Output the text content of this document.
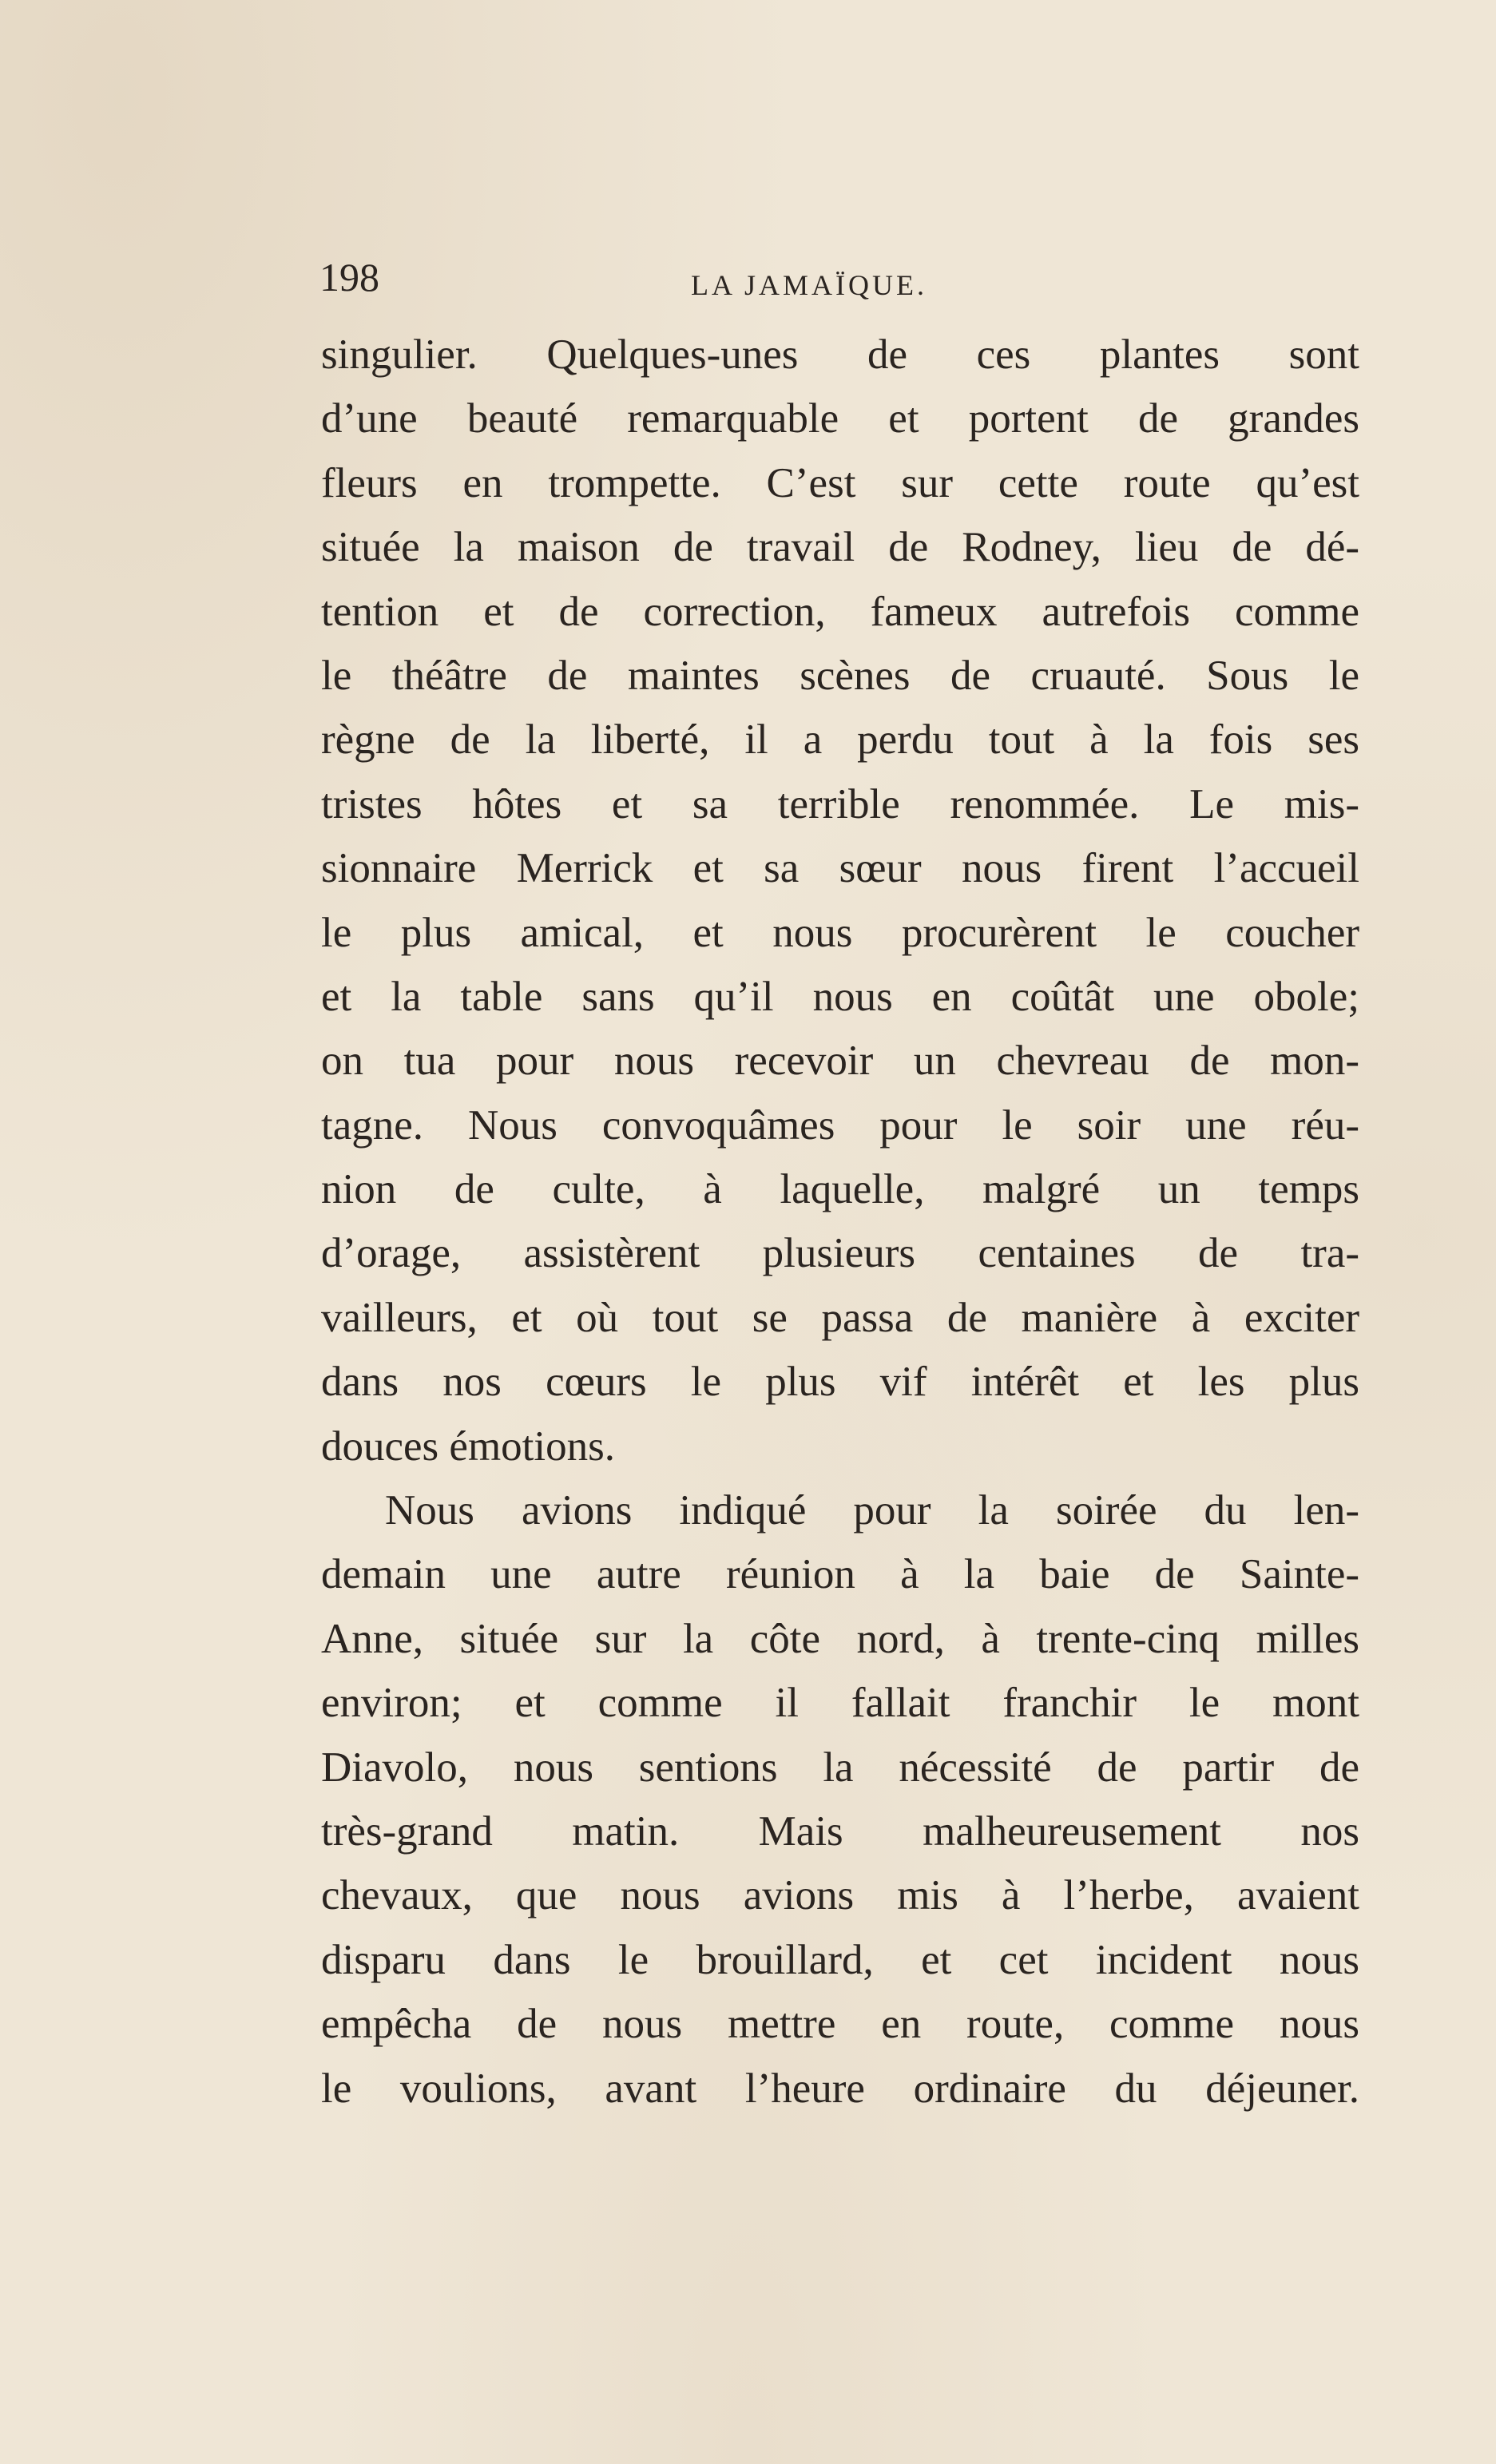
198	LA JAMAÏQUE.
singulier. Quelques-unes de ces plantes sont
d’une beauté remarquable et portent de grandes
fleurs en trompette. C’est sur cette route qu’est
située la maison de travail de Rodney, lieu de dé-
tention et de correction, fameux autrefois comme
le théâtre de maintes scènes de cruauté. Sous le
règne de la liberté, il a perdu tout à la fois ses
tristes hôtes et sa terrible renommée. Le mis-
sionnaire Merrick et sa sœur nous firent l’accueil
le plus amical, et nous procurèrent le coucher
et la table sans qu’il nous en coûtât une obole;
on tua pour nous recevoir un chevreau de mon-
tagne. Nous convoquâmes pour le soir une réu-
nion de culte, à laquelle, malgré un temps
d’orage, assistèrent plusieurs centaines de tra-
vailleurs, et où tout se passa de manière à exciter
dans nos cœurs le plus vif intérêt et les plus
douces émotions.
Nous avions indiqué pour la soirée du len-
demain une autre réunion à la baie de Sainte-
Anne, située sur la côte nord, à trente-cinq milles
environ; et comme il fallait franchir le mont
Diavolo, nous sentions la nécessité de partir de
très-grand matin. Mais malheureusement nos
chevaux, que nous avions mis à l’herbe, avaient
disparu dans le brouillard, et cet incident nous
empêcha de nous mettre en route, comme nous
le voulions, avant l’heure ordinaire du déjeuner.
